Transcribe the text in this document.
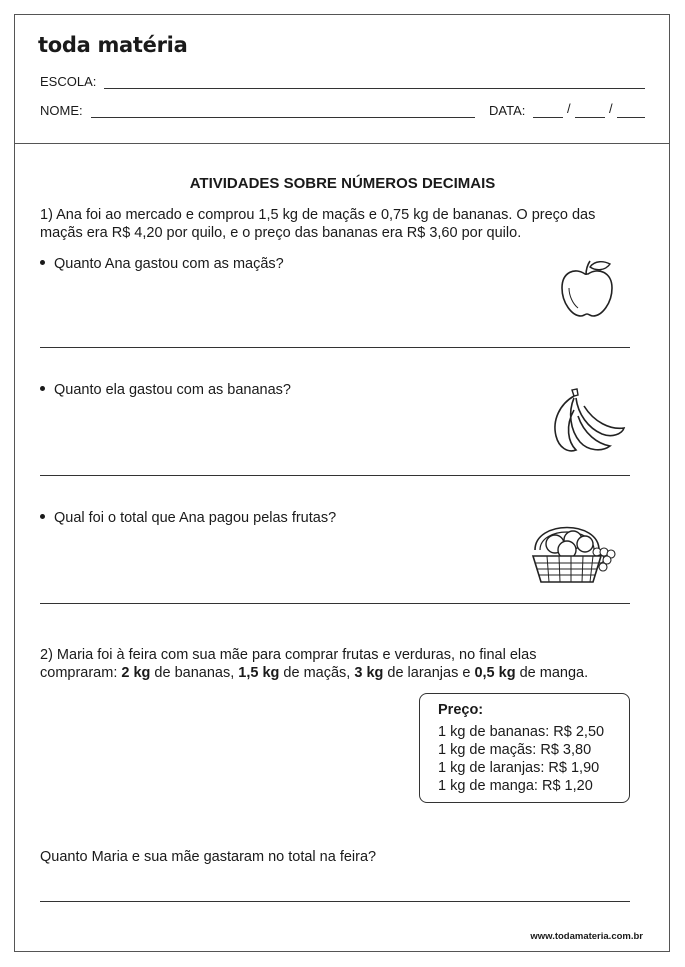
toda matéria
ESCOLA:
NOME:	DATA:	/	/
ATIVIDADES SOBRE NÚMEROS DECIMAIS
1) Ana foi ao mercado e comprou 1,5 kg de maçãs e 0,75 kg de bananas. O preço das
maçãs era R$ 4,20 por quilo, e o preço das bananas era R$ 3,60 por quilo.
Quanto Ana gastou com as maçãs?
Quanto ela gastou com as bananas?
Qual foi o total que Ana pagou pelas frutas?
2) Maria foi à feira com sua mãe para comprar frutas e verduras, no final elas
compraram: 2 kg de bananas, 1,5 kg de maçãs, 3 kg de laranjas e 0,5 kg de manga.
Preço:
1 kg de bananas: R$ 2,50
1 kg de maçãs: R$ 3,80
1 kg de laranjas: R$ 1,90
1 kg de manga: R$ 1,20
Quanto Maria e sua mãe gastaram no total na feira?
www.todamateria.com.br
